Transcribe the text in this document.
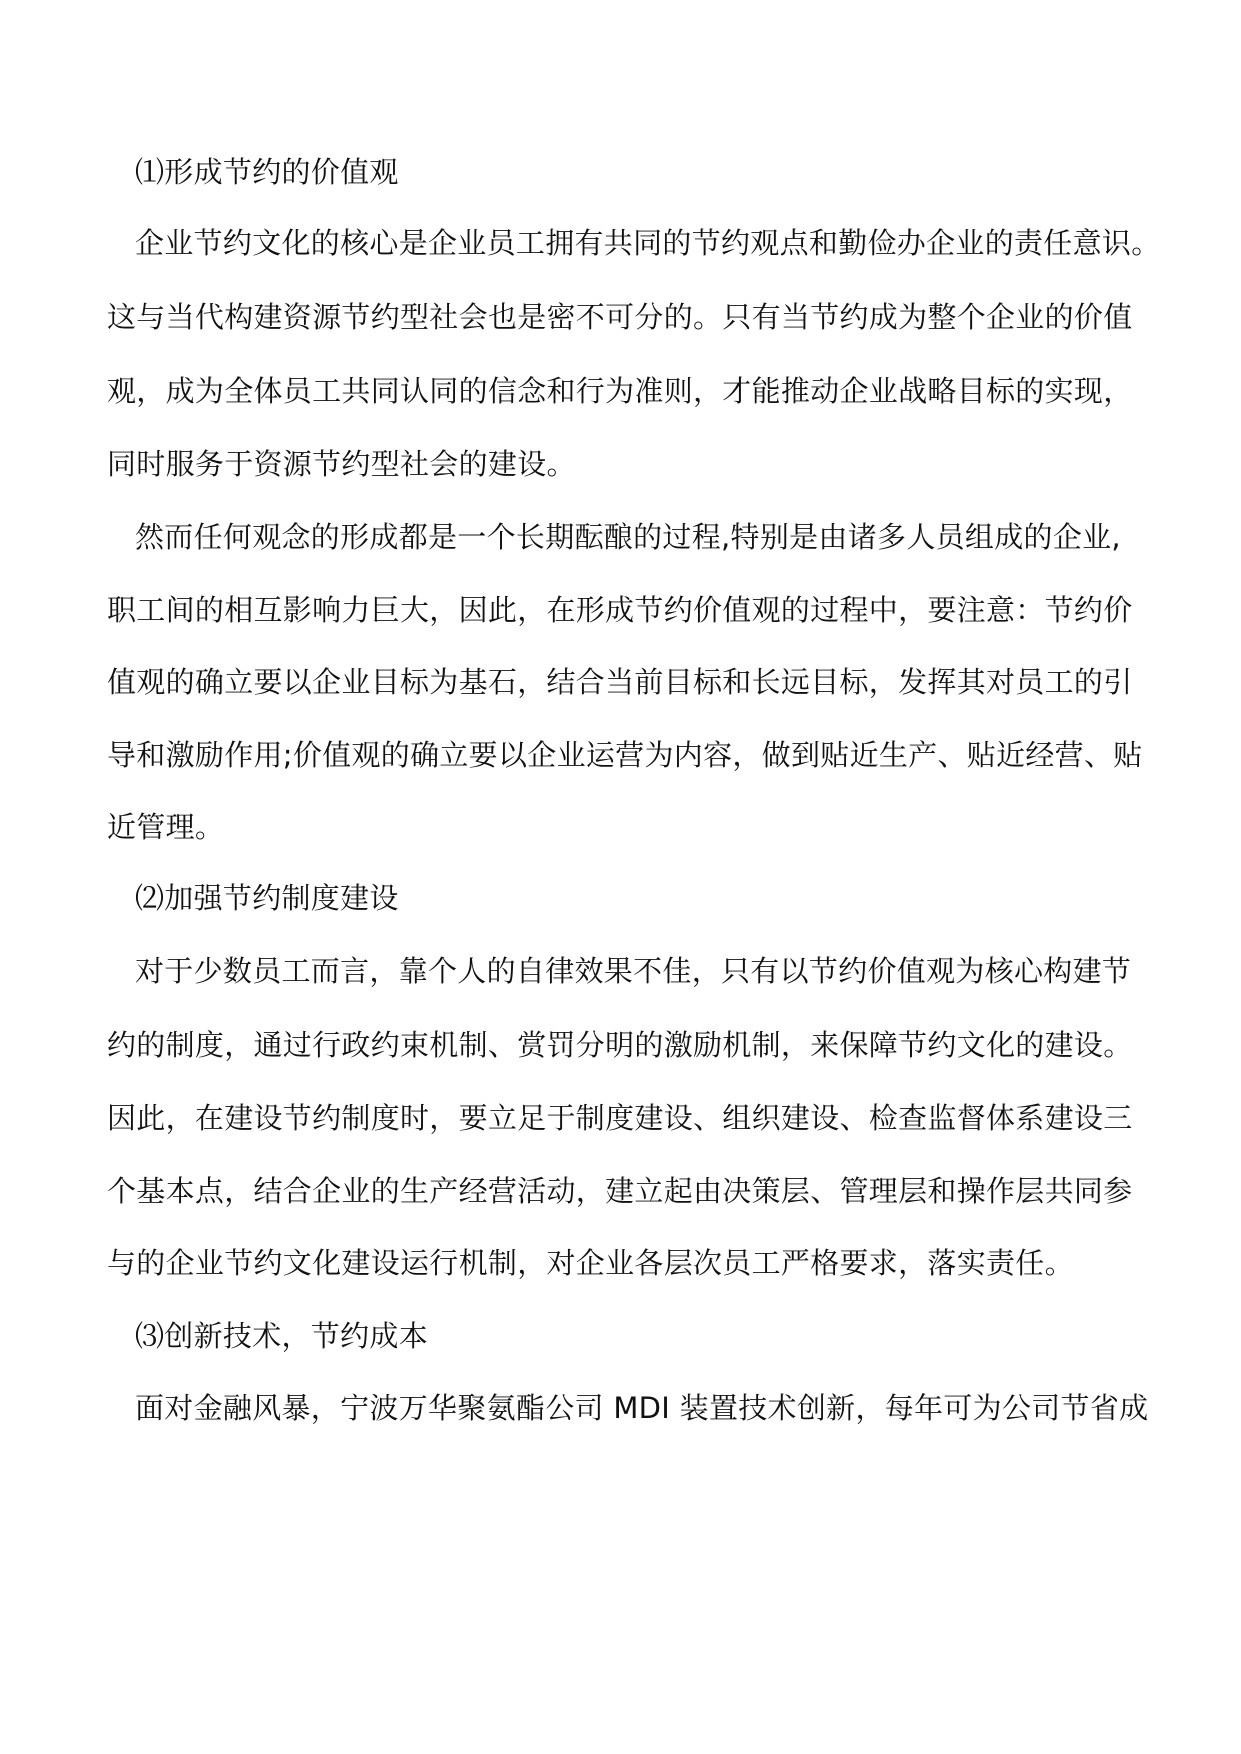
⑴形成节约的价值观
企业节约文化的核心是企业员工拥有共同的节约观点和勤俭办企业的责任意识。
这与当代构建资源节约型社会也是密不可分的。只有当节约成为整个企业的价值
观，成为全体员工共同认同的信念和行为准则，才能推动企业战略目标的实现，
同时服务于资源节约型社会的建设。
然而任何观念的形成都是一个长期酝酿的过程,特别是由诸多人员组成的企业,
职工间的相互影响力巨大，因此，在形成节约价值观的过程中，要注意：节约价
值观的确立要以企业目标为基石，结合当前目标和长远目标，发挥其对员工的引
导和激励作用;价值观的确立要以企业运营为内容，做到贴近生产、贴近经营、贴
近管理。
⑵加强节约制度建设
对于少数员工而言，靠个人的自律效果不佳，只有以节约价值观为核心构建节
约的制度，通过行政约束机制、赏罚分明的激励机制，来保障节约文化的建设。
因此，在建设节约制度时，要立足于制度建设、组织建设、检查监督体系建设三
个基本点，结合企业的生产经营活动，建立起由决策层、管理层和操作层共同参
与的企业节约文化建设运行机制，对企业各层次员工严格要求，落实责任。
⑶创新技术，节约成本
面对金融风暴，宁波万华聚氨酯公司 MDI 装置技术创新，每年可为公司节省成
